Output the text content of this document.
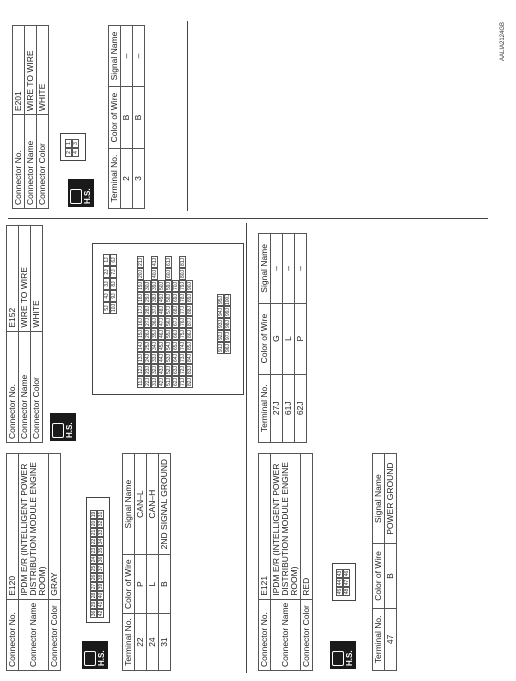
Connector No.	E120
Connector Name	IPDM E/R (INTELLIGENT POWER DISTRIBUTION MODULE ENGINE ROOM)
Connector Color	GRAY
H.S.
36
29
28
27
26
25
24
23
22
21
20
19
42
41
40
39
38
37
36
35
34
33
32
31
Terminal No.	Color of Wire	Signal Name
22	P	CAN–L
24	L	CAN–H
31	B	2ND SIGNAL GROUND
Connector No.	E121
Connector Name	IPDM E/R (INTELLIGENT POWER DISTRIBUTION MODULE ENGINE ROOM)
Connector Color	RED
H.S.
45
44
43
48
47
46
Terminal No.	Color of Wire	Signal Name
47	B	POWER GROUND
Connector No.	E201
Connector Name	WIRE TO WIRE
Connector Color	WHITE
H.S.
2
1
4
3
Terminal No.	Color of Wire	Signal Name
2	B	–
3	B	–
Connector No.	E152
Connector Name	WIRE TO WIRE
Connector Color	WHITE
H.S.	Terminal No.	Color of Wire	Signal Name
27J	G	–
61J	L	–
62J	P	–
5J
4J
3J
2J
1J
10J
9J
8J
7J
6J
11J
12J
13J
14J
15J
16J
17J
18J
19J
20J
21J
22J
23J
24J
25J
26J
27J
28J
29J
30J
31J
32J
33J
34J
35J
36J
37J
38J
39J
40J
41J
42J
43J
44J
45J
46J
47J
48J
49J
50J
51J
52J
53J
54J
55J
56J
57J
58J
59J
60J
61J
62J
63J
64J
65J
66J
67J
68J
69J
70J
71J
72J
73J
74J
75J
76J
77J
78J
79J
80J
81J
82J
83J
84J
85J
86J
87J
88J
89J
90J
91J
92J
93J
94J
95J
96J
97J
98J
99J
100J
AALIA2124GB
